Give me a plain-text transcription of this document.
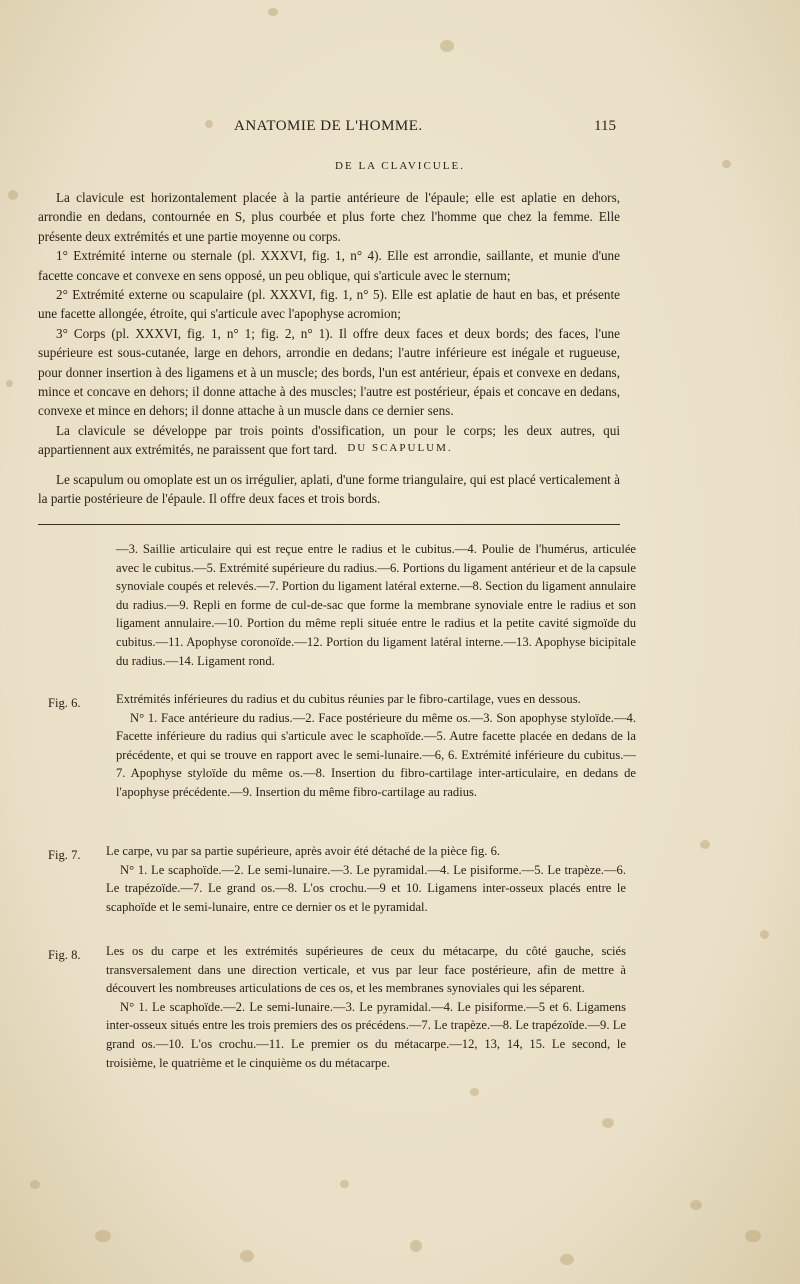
ANATOMIE DE L'HOMME.	115
DE LA CLAVICULE.

La clavicule est horizontalement placée à la partie antérieure de l'épaule; elle est aplatie en dehors, arrondie en dedans, contournée en S, plus courbée et plus forte chez l'homme que chez la femme. Elle présente deux extrémités et une partie moyenne ou corps.

1° Extrémité interne ou sternale (pl. XXXVI, fig. 1, n° 4). Elle est arrondie, saillante, et munie d'une facette concave et convexe en sens opposé, un peu oblique, qui s'articule avec le sternum;

2° Extrémité externe ou scapulaire (pl. XXXVI, fig. 1, n° 5). Elle est aplatie de haut en bas, et présente une facette allongée, étroite, qui s'articule avec l'apophyse acromion;

3° Corps (pl. XXXVI, fig. 1, n° 1; fig. 2, n° 1). Il offre deux faces et deux bords; des faces, l'une supérieure est sous-cutanée, large en dehors, arrondie en dedans; l'autre inférieure est inégale et rugueuse, pour donner insertion à des ligamens et à un muscle; des bords, l'un est antérieur, épais et convexe en dedans, mince et concave en dehors; il donne attache à des muscles; l'autre est postérieur, épais et concave en dedans, convexe et mince en dehors; il donne attache à un muscle dans ce dernier sens.

La clavicule se développe par trois points d'ossification, un pour le corps; les deux autres, qui appartiennent aux extrémités, ne paraissent que fort tard. DU SCAPULUM.

Le scapulum ou omoplate est un os irrégulier, aplati, d'une forme triangulaire, qui est placé verticalement à la partie postérieure de l'épaule. Il offre deux faces et trois bords.

—3. Saillie articulaire qui est reçue entre le radius et le cubitus.—4. Poulie de l'humérus, articulée avec le cubitus.—5. Extrémité supérieure du radius.—6. Portions du ligament antérieur et de la capsule synoviale coupés et relevés.—7. Portion du ligament latéral externe.—8. Section du ligament annulaire du radius.—9. Repli en forme de cul-de-sac que forme la membrane synoviale entre le radius et son ligament annulaire.—10. Portion du même repli située entre le radius et la petite cavité sigmoïde du cubitus.—11. Apophyse coronoïde.—12. Portion du ligament latéral interne.—13. Apophyse bicipitale du radius.—14. Ligament rond.

Fig. 6.	Extrémités inférieures du radius et du cubitus réunies par le fibro-cartilage, vues en dessous.

N° 1. Face antérieure du radius.—2. Face postérieure du même os.—3. Son apophyse styloïde.—4. Facette inférieure du radius qui s'articule avec le scaphoïde.—5. Autre facette placée en dedans de la précédente, et qui se trouve en rapport avec le semi-lunaire.—6, 6. Extrémité inférieure du cubitus.—7. Apophyse styloïde du même os.—8. Insertion du fibro-cartilage inter-articulaire, en dedans de l'apophyse précédente.—9. Insertion du même fibro-cartilage au radius.

Fig. 7. Le carpe, vu par sa partie supérieure, après avoir été détaché de la pièce fig. 6.

N° 1. Le scaphoïde.—2. Le semi-lunaire.—3. Le pyramidal.—4. Le pisiforme.—5. Le trapèze.—6. Le trapézoïde.—7. Le grand os.—8. L'os crochu.—9 et 10. Ligamens inter-osseux placés entre le scaphoïde et le semi-lunaire, entre ce dernier os et le pyramidal.

Fig. 8. Les os du carpe et les extrémités supérieures de ceux du métacarpe, du côté gauche, sciés transversalement dans une direction verticale, et vus par leur face postérieure, afin de mettre à découvert les nombreuses articulations de ces os, et les membranes synoviales qui les séparent.

N° 1. Le scaphoïde.—2. Le semi-lunaire.—3. Le pyramidal.—4. Le pisiforme.—5 et 6. Ligamens inter-osseux situés entre les trois premiers des os précédens.—7. Le trapèze.—8. Le trapézoïde.—9. Le grand os.—10. L'os crochu.—11. Le premier os du métacarpe.—12, 13, 14, 15. Le second, le troisième, le quatrième et le cinquième os du métacarpe.
